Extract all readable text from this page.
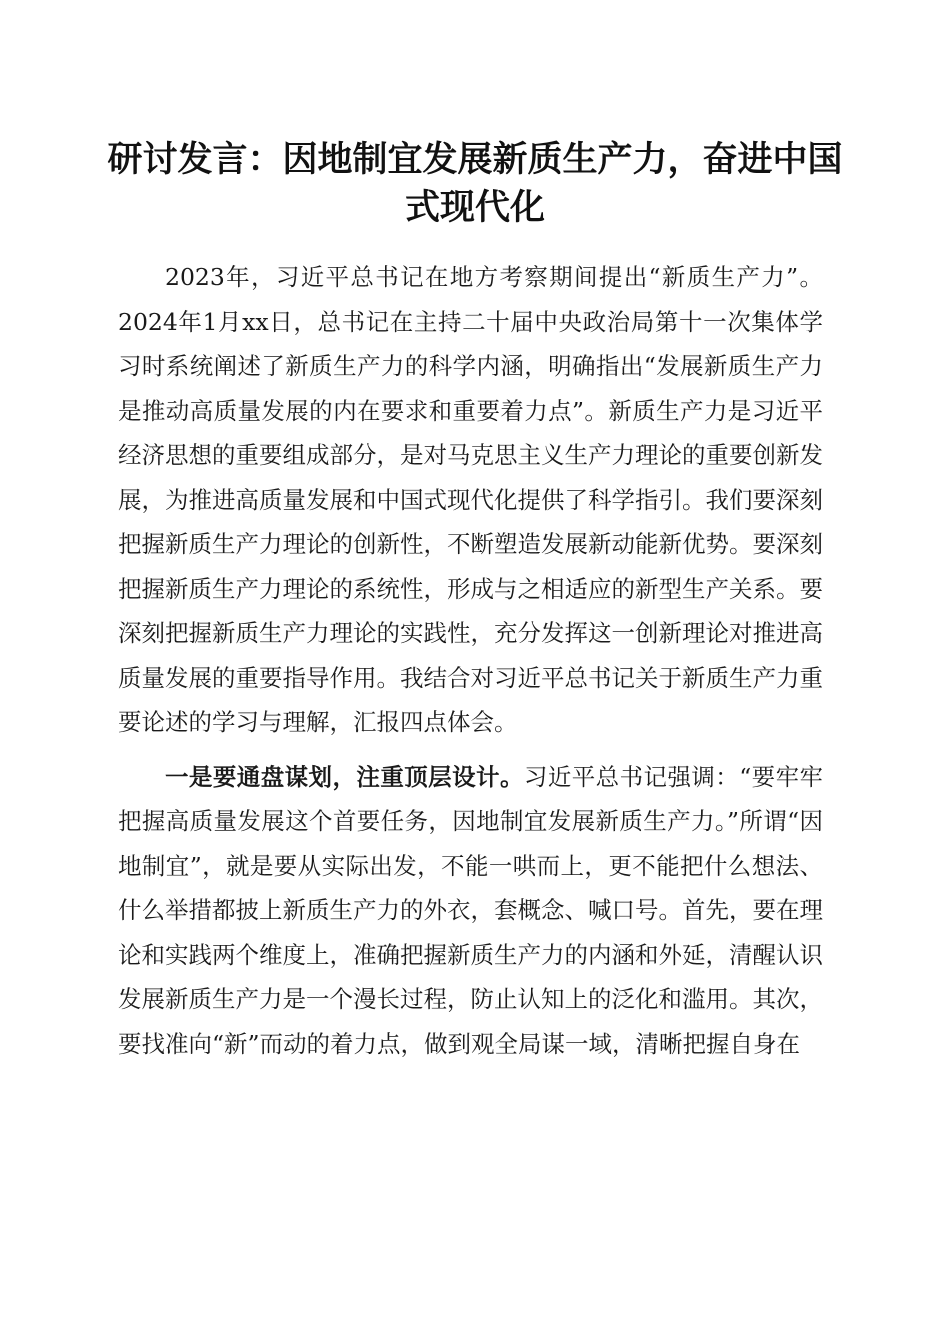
研讨发言：因地制宜发展新质生产力，奋进中国式现代化

2023年，习近平总书记在地方考察期间提出“新质生产力”。2024年1月xx日，总书记在主持二十届中央政治局第十一次集体学习时系统阐述了新质生产力的科学内涵，明确指出“发展新质生产力是推动高质量发展的内在要求和重要着力点”。新质生产力是习近平经济思想的重要组成部分，是对马克思主义生产力理论的重要创新发展，为推进高质量发展和中国式现代化提供了科学指引。我们要深刻把握新质生产力理论的创新性，不断塑造发展新动能新优势。要深刻把握新质生产力理论的系统性，形成与之相适应的新型生产关系。要深刻把握新质生产力理论的实践性，充分发挥这一创新理论对推进高质量发展的重要指导作用。我结合对习近平总书记关于新质生产力重要论述的学习与理解，汇报四点体会。

一是要通盘谋划，注重顶层设计。习近平总书记强调：“要牢牢把握高质量发展这个首要任务，因地制宜发展新质生产力。”所谓“因地制宜”，就是要从实际出发，不能一哄而上，更不能把什么想法、什么举措都披上新质生产力的外衣，套概念、喊口号。首先，要在理论和实践两个维度上，准确把握新质生产力的内涵和外延，清醒认识发展新质生产力是一个漫长过程，防止认知上的泛化和滥用。其次，要找准向“新”而动的着力点，做到观全局谋一域，清晰把握自身在
